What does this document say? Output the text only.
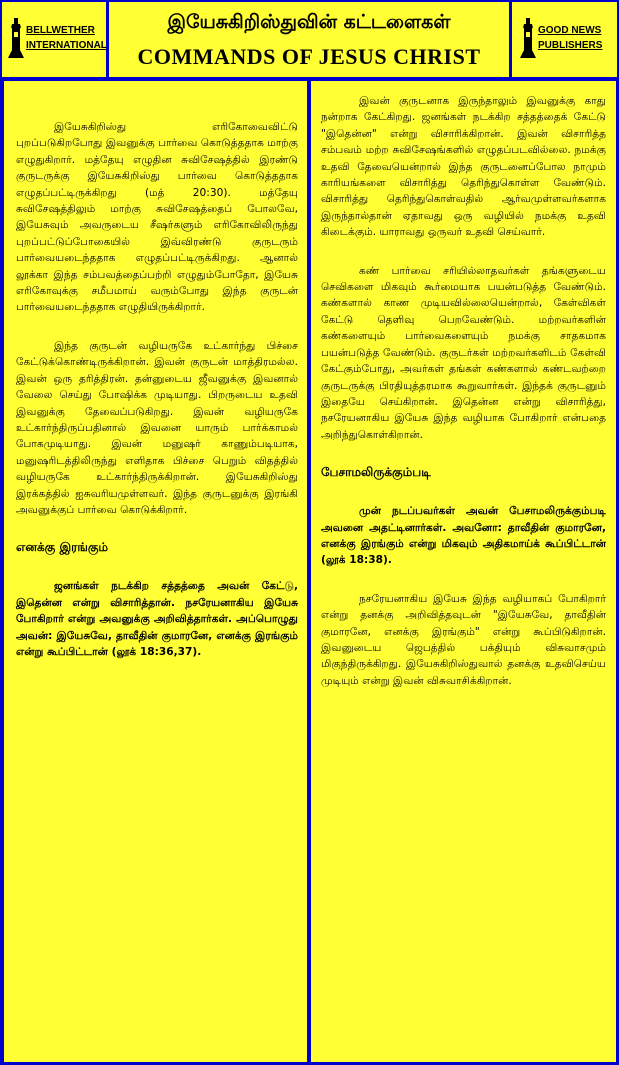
BELLWETHER
INTERNATIONAL
இயேசுகிறிஸ்துவின் கட்டளைகள்
COMMANDS OF JESUS CHRIST
GOOD NEWS
PUBLISHERS

இயேசுகிறிஸ்து எரிகோவைவிட்டு புறப்படுகிறபோது இவனுக்கு பார்வை கொடுத்ததாக மாற்கு எழுதுகிறார். மத்தேயு எழுதின சுவிசேஷத்தில் இரண்டு குருடருக்கு இயேசுகிறிஸ்து பார்வை கொடுத்ததாக எழுதப்பட்டிருக்கிறது (மத் 20:30). மத்தேயு சுவிசேஷத்திலும் மாற்கு சுவிசேஷத்தைப் போலவே, இயேசுவும் அவருடைய சீஷர்களும் எரிகோவிலிருந்து புறப்பட்டுப்போகையில் இவ்விரண்டு குருடரும் பார்வையடைந்ததாக எழுதப்பட்டிருக்கிறது. ஆனால் லூக்கா இந்த சம்பவத்தைப்பற்றி எழுதும்போதோ, இயேசு எரிகோவுக்கு சமீபமாய் வரும்போது இந்த குருடன் பார்வையடைந்ததாக எழுதியிருக்கிறார்.

இந்த குருடன் வழியருகே உட்கார்ந்து பிச்சை கேட்டுக்கொண்டிருக்கிறான். இவன் குருடன் மாத்திரமல்ல. இவன் ஒரு தரித்திரன். தன்னுடைய ஜீவனுக்கு இவனால் வேலை செய்து போஷிக்க முடியாது. பிறருடைய உதவி இவனுக்கு தேவைப்படுகிறது. இவன் வழியருகே உட்கார்ந்திருப்பதினால் இவனை யாரும் பார்க்காமல் போகமுடியாது. இவன் மனுஷர் காணும்படியாக, மனுஷரிடத்திலிருந்து எளிதாக பிச்சை பெறும் விதத்தில் வழியருகே உட்கார்ந்திருக்கிறான். இயேசுகிறிஸ்து இரக்கத்தில் ஐசுவரியமுள்ளவர். இந்த குருடனுக்கு இரங்கி அவனுக்குப் பார்வை கொடுக்கிறார்.

எனக்கு இரங்கும்

ஜனங்கள் நடக்கிற சத்தத்தை அவன் கேட்டு, இதென்ன என்று விசாரித்தான். நசரேயனாகிய இயேசு போகிறார் என்று அவனுக்கு அறிவித்தார்கள். அப்பொழுது அவன்: இயேசுவே, தாவீதின் குமாரனே, எனக்கு இரங்கும் என்று கூப்பிட்டான் (லூக் 18:36,37).

இவன் குருடனாக இருந்தாலும் இவனுக்கு காது நன்றாக கேட்கிறது. ஜனங்கள் நடக்கிற சத்தத்தைக் கேட்டு "இதென்ன" என்று விசாரிக்கிறான். இவன் விசாரித்த சம்பவம் மற்ற சுவிசேஷங்களில் எழுதப்படவில்லை. நமக்கு உதவி தேவையென்றால் இந்த குருடனைப்போல நாமும் காரியங்களை விசாரித்து தெரிந்துகொள்ள வேண்டும். விசாரித்து தெரிந்துகொள்வதில் ஆர்வமுள்ளவர்களாக இருந்தால்தான் ஏதாவது ஒரு வழியில் நமக்கு உதவி கிடைக்கும். யாராவது ஒருவர் உதவி செய்வார்.

கண் பார்வை சரியில்லாதவர்கள் தங்களுடைய செவிகளை மிகவும் கூர்மையாக பயன்படுத்த வேண்டும். கண்களால் காண முடியவில்லையென்றால், கேள்விகள் கேட்டு தெளிவு பெறவேண்டும். மற்றவர்களின் கண்களையும் பார்வைகளையும் நமக்கு சாதகமாக பயன்படுத்த வேண்டும். குருடர்கள் மற்றவர்களிடம் கேள்வி கேட்கும்போது, அவர்கள் தங்கள் கண்களால் கண்டவற்றை குருடருக்கு பிரதியுத்தரமாக கூறுவார்கள். இந்தக் குருடனும் இதையே செய்கிறான். இதென்ன என்று விசாரித்து, நசரேயனாகிய இயேசு இந்த வழியாக போகிறார் என்பதை அறிந்துகொள்கிறான்.

பேசாமலிருக்கும்படி

முன் நடப்பவர்கள் அவன் பேசாமலிருக்கும்படி அவனை அதட்டினார்கள். அவனோ: தாவீதின் குமாரனே, எனக்கு இரங்கும் என்று மிகவும் அதிகமாய்க் கூப்பிட்டான் (லூக் 18:38).

நசரேயனாகிய இயேசு இந்த வழியாகப் போகிறார் என்று தனக்கு அறிவித்தவுடன் "இயேசுவே, தாவீதின் குமாரனே, எனக்கு இரங்கும்" என்று கூப்பிடுகிறான். இவனுடைய ஜெபத்தில் பக்தியும் விசுவாசமும் மிகுந்திருக்கிறது. இயேசுகிறிஸ்துவால் தனக்கு உதவிசெய்ய முடியும் என்று இவன் விசுவாசிக்கிறான்.
